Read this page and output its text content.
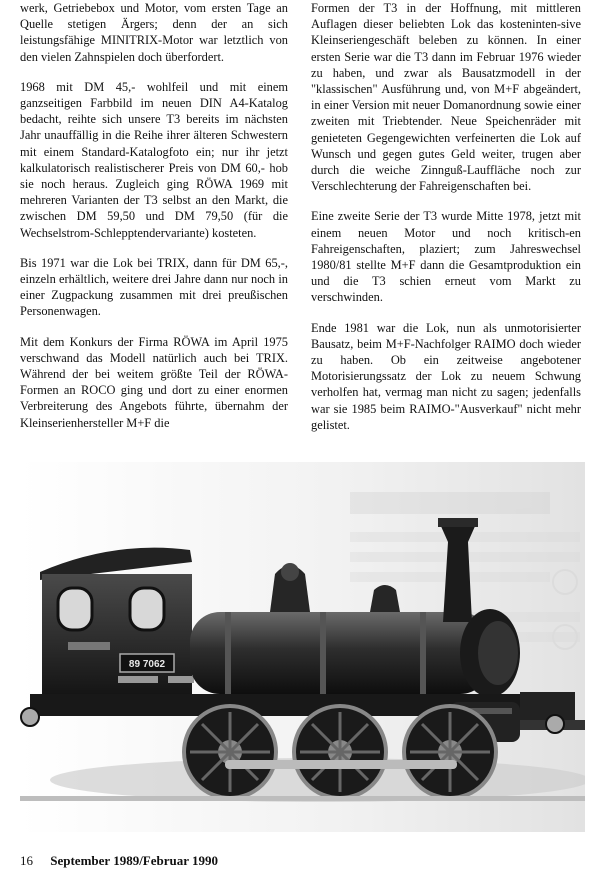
werk, Getriebebox und Motor, vom ersten Tage an Quelle stetigen Ärgers; denn der an sich leistungsfähige MINITRIX-Motor war letztlich von den vielen Zahnspielen doch überfordert.

1968 mit DM 45,- wohlfeil und mit einem ganzseitigen Farbbild im neuen DIN A4-Katalog bedacht, reihte sich unsere T3 bereits im nächsten Jahr unauffällig in die Reihe ihrer älteren Schwestern mit einem Standard-Katalogfoto ein; nur ihr jetzt kalkulatorisch realistischerer Preis von DM 60,- hob sie noch heraus. Zugleich ging RÖWA 1969 mit mehreren Varianten der T3 selbst an den Markt, die zwischen DM 59,50 und DM 79,50 (für die Wechselstrom-Schlepptendervariante) kosteten.

Bis 1971 war die Lok bei TRIX, dann für DM 65,-, einzeln erhältlich, weitere drei Jahre dann nur noch in einer Zugpackung zusammen mit drei preußischen Personenwagen.

Mit dem Konkurs der Firma RÖWA im April 1975 verschwand das Modell natürlich auch bei TRIX. Während der bei weitem größte Teil der RÖWA-Formen an ROCO ging und dort zu einer enormen Verbreiterung des Angebots führte, übernahm der Kleinserienhersteller M+F die

Formen der T3 in der Hoffnung, mit mittleren Auflagen dieser beliebten Lok das kosteninten-sive Kleinseriengeschäft beleben zu können. In einer ersten Serie war die T3 dann im Februar 1976 wieder zu haben, und zwar als Bausatzmodell in der "klassischen" Ausführung und, von M+F abgeändert, in einer Version mit neuer Domanordnung sowie einer zweiten mit Triebtender. Neue Speichenräder mit genieteten Gegengewichten verfeinerten die Lok auf Wunsch und gegen gutes Geld weiter, trugen aber durch die weiche Zinnguß-Lauffläche noch zur Verschlechterung der Fahreigenschaften bei.

Eine zweite Serie der T3 wurde Mitte 1978, jetzt mit einem neuen Motor und noch kritisch-en Fahreigenschaften, plaziert; zum Jahreswechsel 1980/81 stellte M+F dann die Gesamtproduktion ein und die T3 schien erneut vom Markt zu verschwinden.

Ende 1981 war die Lok, nun als unmotorisierter Bausatz, beim M+F-Nachfolger RAIMO doch wieder zu haben. Ob ein zeitweise angebotener Motorisierungssatz der Lok zu neuem Schwung verholfen hat, vermag man nicht zu sagen; jedenfalls war sie 1985 beim RAIMO-"Ausverkauf" nicht mehr gelistet.

89 7062
16 September 1989/Februar 1990
